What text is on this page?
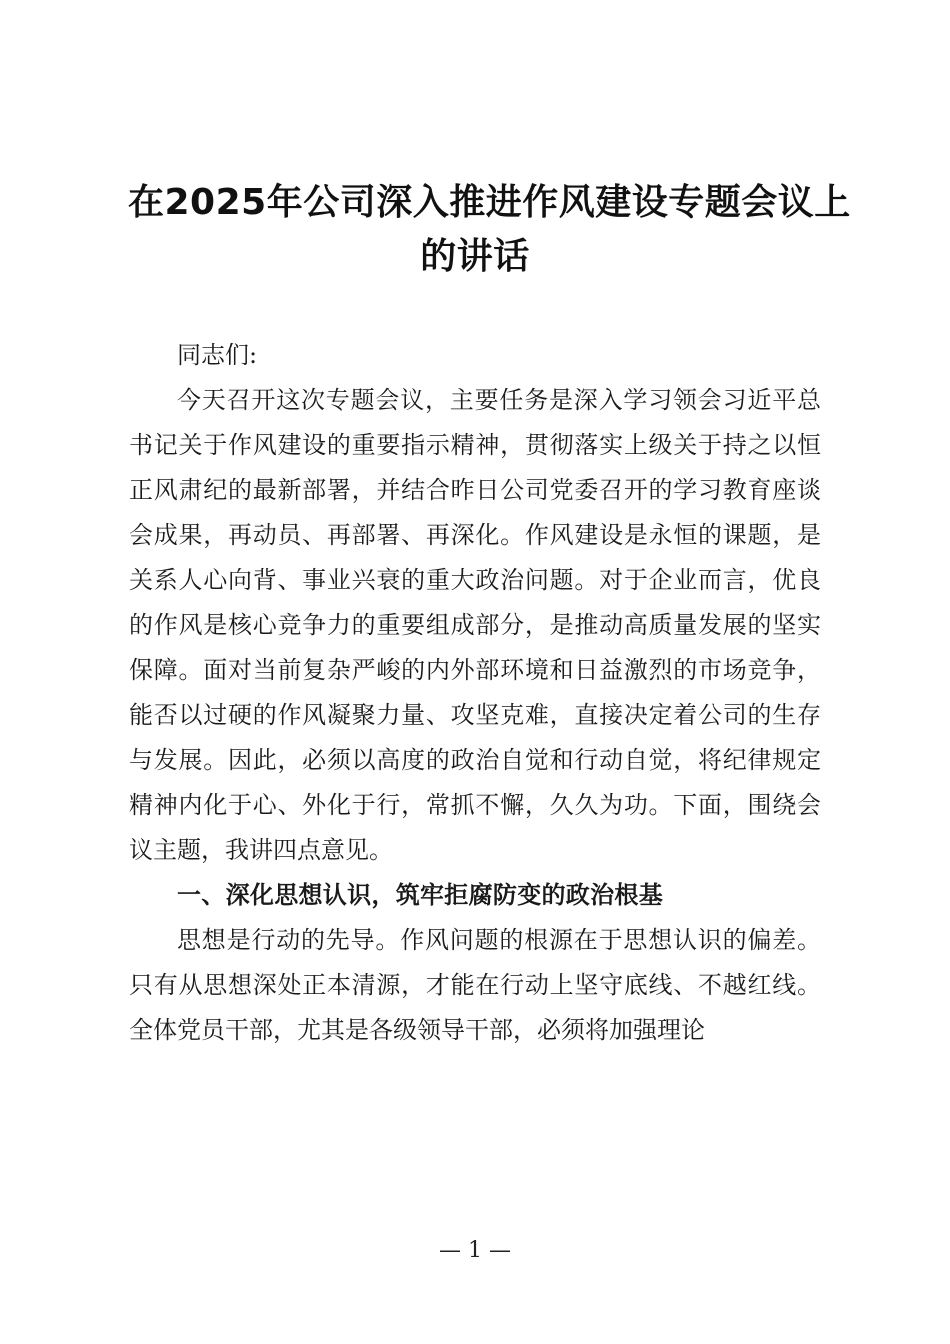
在2025年公司深入推进作风建设专题会议上
的讲话

同志们:

今天召开这次专题会议，主要任务是深入学习领会习近平总书记关于作风建设的重要指示精神，贯彻落实上级关于持之以恒正风肃纪的最新部署，并结合昨日公司党委召开的学习教育座谈会成果，再动员、再部署、再深化。作风建设是永恒的课题，是关系人心向背、事业兴衰的重大政治问题。对于企业而言，优良的作风是核心竞争力的重要组成部分，是推动高质量发展的坚实保障。面对当前复杂严峻的内外部环境和日益激烈的市场竞争，能否以过硬的作风凝聚力量、攻坚克难，直接决定着公司的生存与发展。因此，必须以高度的政治自觉和行动自觉，将纪律规定精神内化于心、外化于行，常抓不懈，久久为功。下面，围绕会议主题，我讲四点意见。

一、深化思想认识，筑牢拒腐防变的政治根基

思想是行动的先导。作风问题的根源在于思想认识的偏差。只有从思想深处正本清源，才能在行动上坚守底线、不越红线。全体党员干部，尤其是各级领导干部，必须将加强理论

— 1 —
